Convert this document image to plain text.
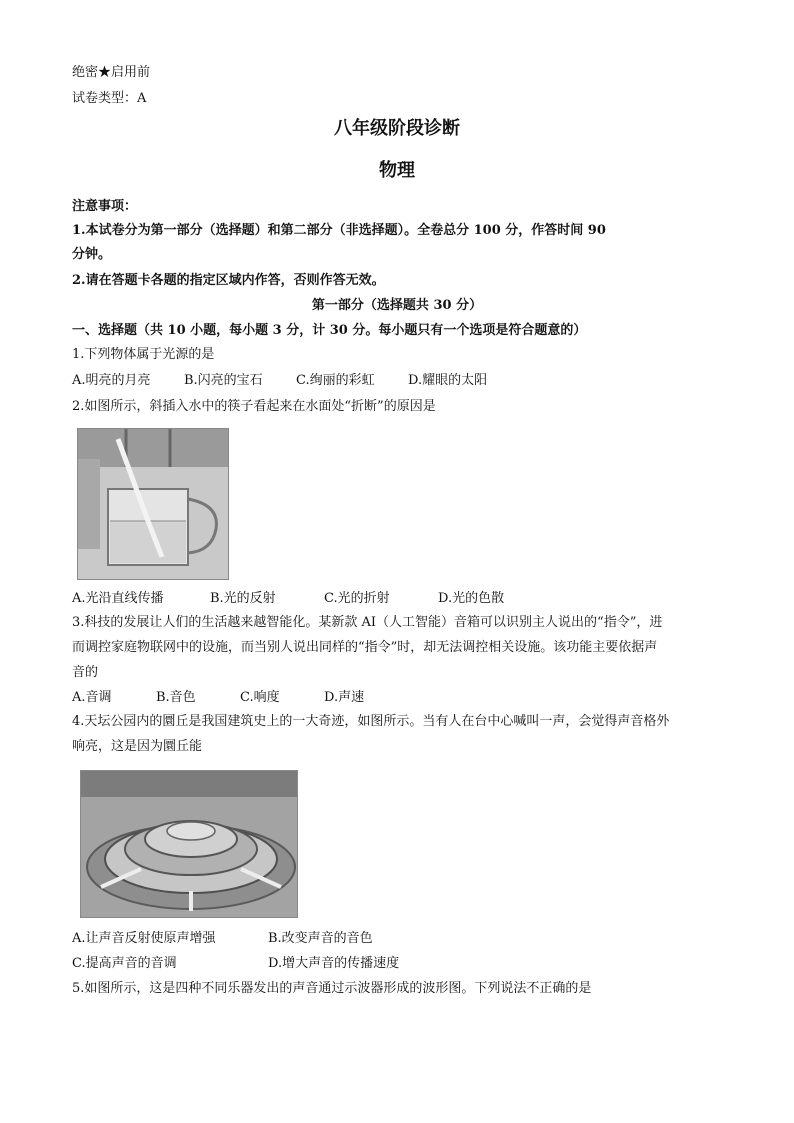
绝密★启用前
试卷类型：A
八年级阶段诊断
物理
注意事项：
1.本试卷分为第一部分（选择题）和第二部分（非选择题）。全卷总分 100 分，作答时间 90
分钟。
2.请在答题卡各题的指定区域内作答，否则作答无效。
第一部分（选择题共 30 分）
一、选择题（共 10 小题，每小题 3 分，计 30 分。每小题只有一个选项是符合题意的）
1.下列物体属于光源的是
A.明亮的月亮	B.闪亮的宝石	C.绚丽的彩虹	D.耀眼的太阳
2.如图所示，斜插入水中的筷子看起来在水面处“折断”的原因是
A.光沿直线传播	B.光的反射	C.光的折射	D.光的色散
3.科技的发展让人们的生活越来越智能化。某新款 AI（人工智能）音箱可以识别主人说出的“指令”，进
而调控家庭物联网中的设施，而当别人说出同样的“指令”时，却无法调控相关设施。该功能主要依据声
音的
A.音调	B.音色	C.响度	D.声速
4.天坛公园内的圜丘是我国建筑史上的一大奇迹，如图所示。当有人在台中心喊叫一声，会觉得声音格外
响亮，这是因为圜丘能
A.让声音反射使原声增强	B.改变声音的音色
C.提高声音的音调	D.增大声音的传播速度
5.如图所示，这是四种不同乐器发出的声音通过示波器形成的波形图。下列说法不正确的是
